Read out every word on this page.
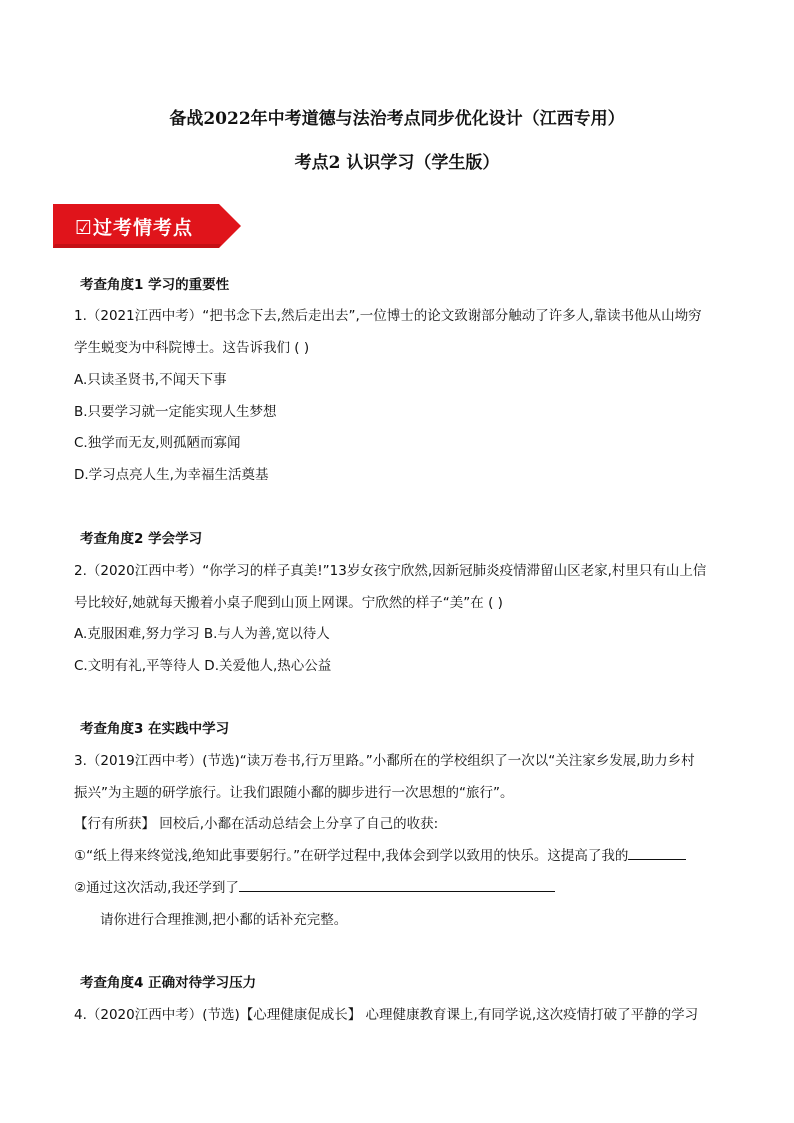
备战2022年中考道德与法治考点同步优化设计（江西专用）
考点2 认识学习（学生版）
☑过考情考点
考查角度1 学习的重要性
1.（2021江西中考）“把书念下去,然后走出去”,一位博士的论文致谢部分触动了许多人,靠读书他从山坳穷
学生蜕变为中科院博士。这告诉我们 ( )
A.只读圣贤书,不闻天下事
B.只要学习就一定能实现人生梦想
C.独学而无友,则孤陋而寡闻
D.学习点亮人生,为幸福生活奠基
考查角度2 学会学习
2.（2020江西中考）“你学习的样子真美!”13岁女孩宁欣然,因新冠肺炎疫情滞留山区老家,村里只有山上信
号比较好,她就每天搬着小桌子爬到山顶上网课。宁欣然的样子“美”在 ( )
A.克服困难,努力学习 B.与人为善,宽以待人
C.文明有礼,平等待人 D.关爱他人,热心公益
考查角度3 在实践中学习
3.（2019江西中考）(节选)“读万卷书,行万里路。”小鄱所在的学校组织了一次以“关注家乡发展,助力乡村
振兴”为主题的研学旅行。让我们跟随小鄱的脚步进行一次思想的“旅行”。
【行有所获】 回校后,小鄱在活动总结会上分享了自己的收获:
①“纸上得来终觉浅,绝知此事要躬行。”在研学过程中,我体会到学以致用的快乐。这提高了我的
②通过这次活动,我还学到了
请你进行合理推测,把小鄱的话补充完整。
考查角度4 正确对待学习压力
4.（2020江西中考）(节选)【心理健康促成长】 心理健康教育课上,有同学说,这次疫情打破了平静的学习
